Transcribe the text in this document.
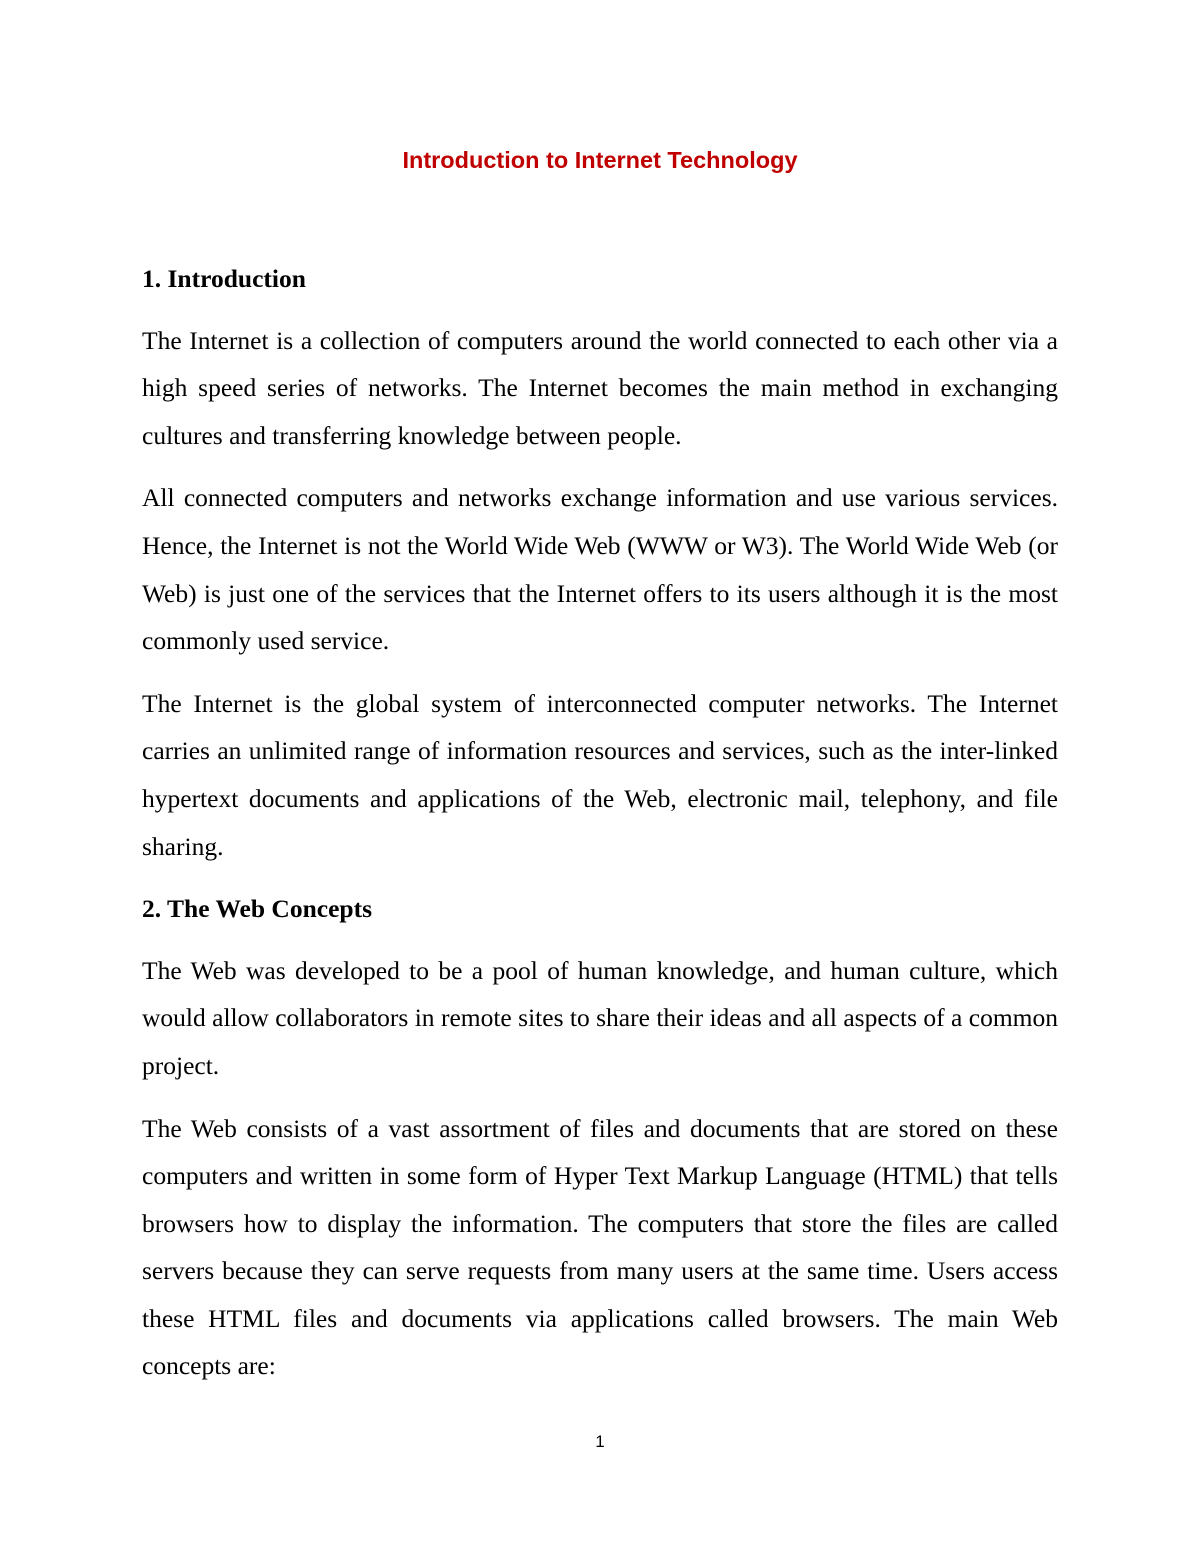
Introduction to Internet Technology
1. Introduction

The Internet is a collection of computers around the world connected to each other via a high speed series of networks. The Internet becomes the main method in exchanging cultures and transferring knowledge between people.

All connected computers and networks exchange information and use various services. Hence, the Internet is not the World Wide Web (WWW or W3). The World Wide Web (or Web) is just one of the services that the Internet offers to its users although it is the most commonly used service.

The Internet is the global system of interconnected computer networks. The Internet carries an unlimited range of information resources and services, such as the inter-linked hypertext documents and applications of the Web, electronic mail, telephony, and file sharing.

2. The Web Concepts

The Web was developed to be a pool of human knowledge, and human culture, which would allow collaborators in remote sites to share their ideas and all aspects of a common project.

The Web consists of a vast assortment of files and documents that are stored on these computers and written in some form of Hyper Text Markup Language (HTML) that tells browsers how to display the information. The computers that store the files are called servers because they can serve requests from many users at the same time. Users access these HTML files and documents via applications called browsers. The main Web concepts are:

1
